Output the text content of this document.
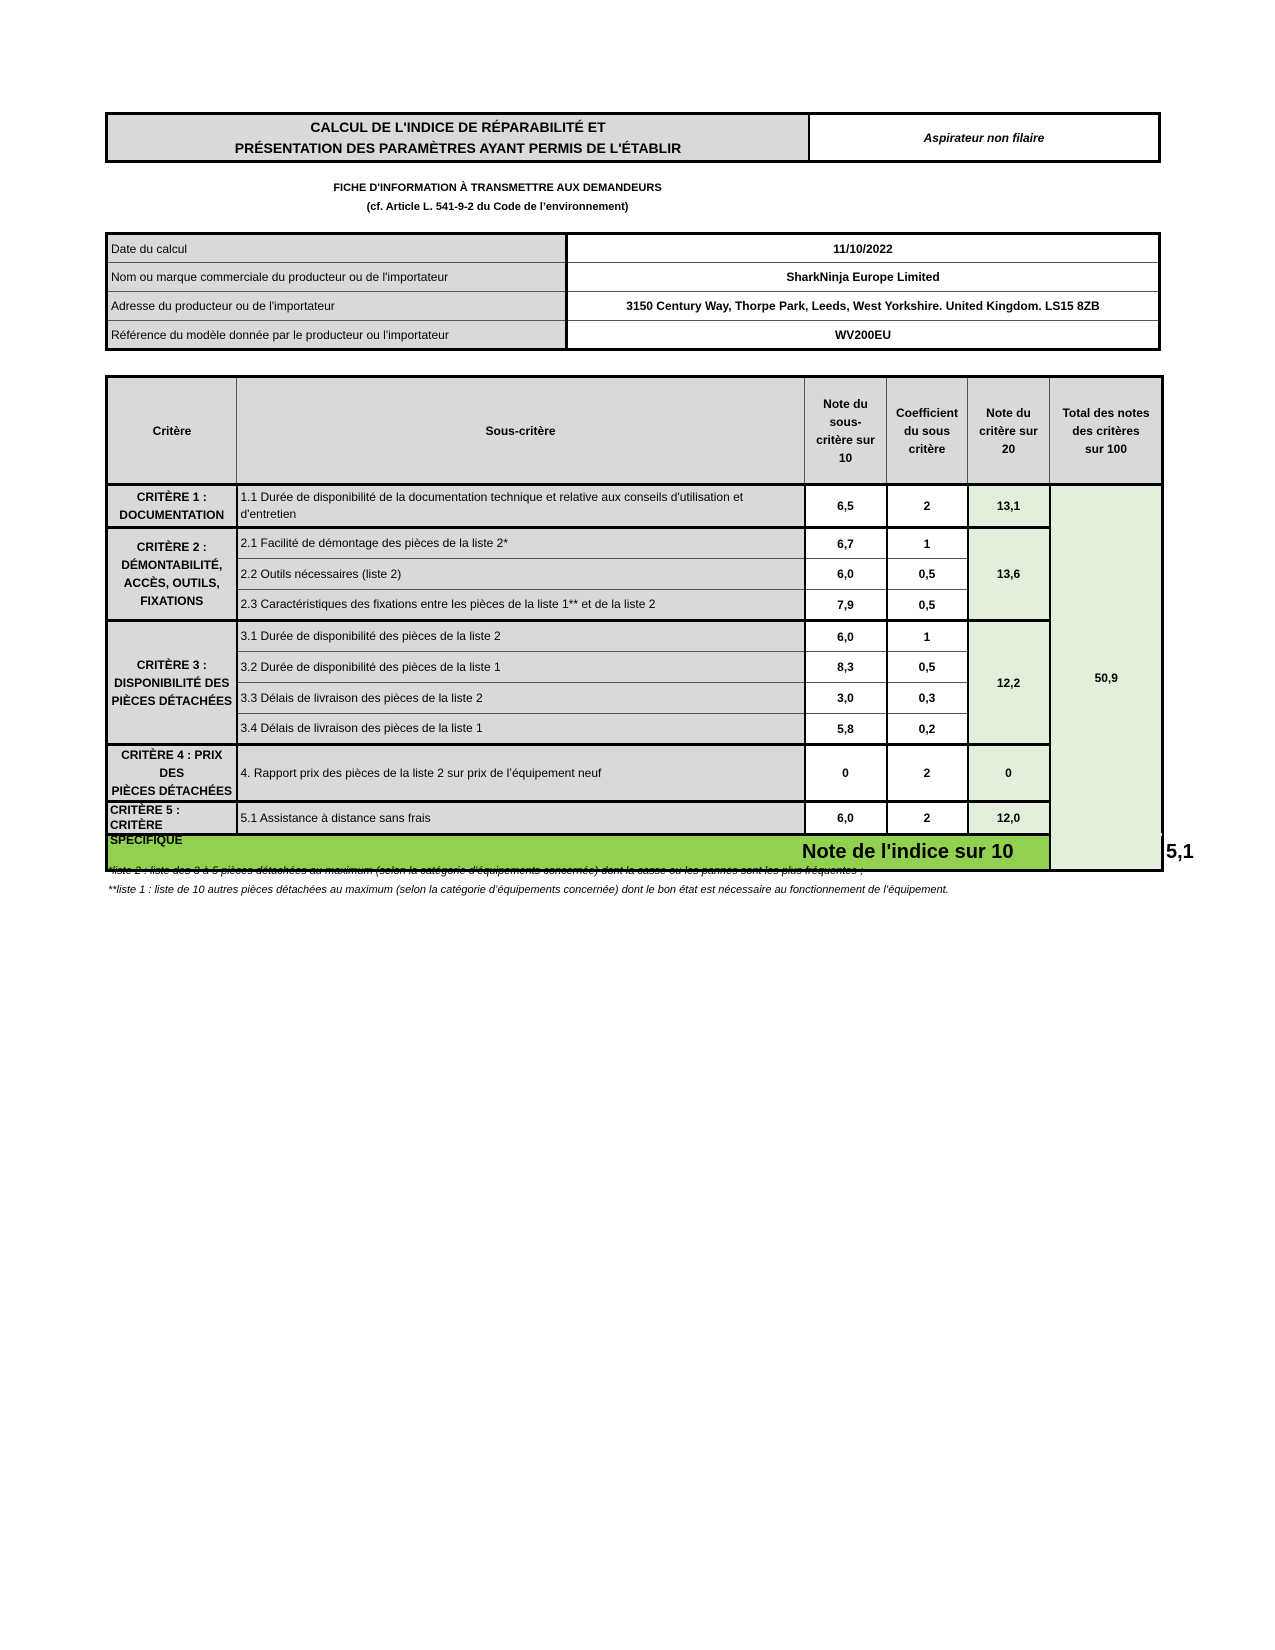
CALCUL DE L'INDICE DE RÉPARABILITÉ ET
PRÉSENTATION DES PARAMÈTRES AYANT PERMIS DE L'ÉTABLIR
Aspirateur non filaire
FICHE D'INFORMATION À TRANSMETTRE AUX DEMANDEURS
(cf. Article L. 541-9-2 du Code de l’environnement)
Date du calcul	11/10/2022
Nom ou marque commerciale du producteur ou de l'importateur	SharkNinja Europe Limited
Adresse du producteur ou de l'importateur	3150 Century Way, Thorpe Park, Leeds, West Yorkshire. United Kingdom. LS15 8ZB
Référence du modèle donnée par le producteur ou l'importateur	WV200EU
Critère	Sous-critère	Note du sous-
critère sur 10	Coefficient
du sous
critère	Note du
critère sur 20	Total des notes
des critères
sur 100	
CRITÈRE 1 :
DOCUMENTATION	1.1 Durée de disponibilité de la documentation technique et relative aux conseils d'utilisation et d'entretien	6,5	2	13,1	50,9	
CRITÈRE 2 :
DÉMONTABILITÉ,
ACCÈS, OUTILS,
FIXATIONS	2.1 Facilité de démontage des pièces de la liste 2*	6,7	1	13,6		
	2.2 Outils nécessaires (liste 2)	6,0	0,5			
	2.3 Caractéristiques des fixations entre les pièces de la liste 1** et de la liste 2	7,9	0,5			
CRITÈRE 3 :
DISPONIBILITÉ DES
PIÈCES DÉTACHÉES	3.1 Durée de disponibilité des pièces de la liste 2	6,0	1	12,2		
	3.2 Durée de disponibilité des pièces de la liste 1	8,3	0,5			
	3.3 Délais de livraison des pièces de la liste 2	3,0	0,3			
	3.4 Délais de livraison des pièces de la liste 1	5,8	0,2			
CRITÈRE 4 : PRIX DES
PIÈCES DÉTACHÉES	4. Rapport prix des pièces de la liste 2 sur prix de l’équipement neuf	0	2	0		

CRITÈRE 5 : CRITÈRE
SPÉCIFIQUE	5.1 Assistance à distance sans frais	6,0	2	12,0		
Note de l'indice sur 10						5,1
*liste 2 : liste des 3 à 5 pièces détachées au maximum (selon la catégorie d’équipements concernée) dont la casse ou les pannes sont les plus fréquentes ;
**liste 1 : liste de 10 autres pièces détachées au maximum (selon la catégorie d’équipements concernée) dont le bon état est nécessaire au fonctionnement de l’équipement.
